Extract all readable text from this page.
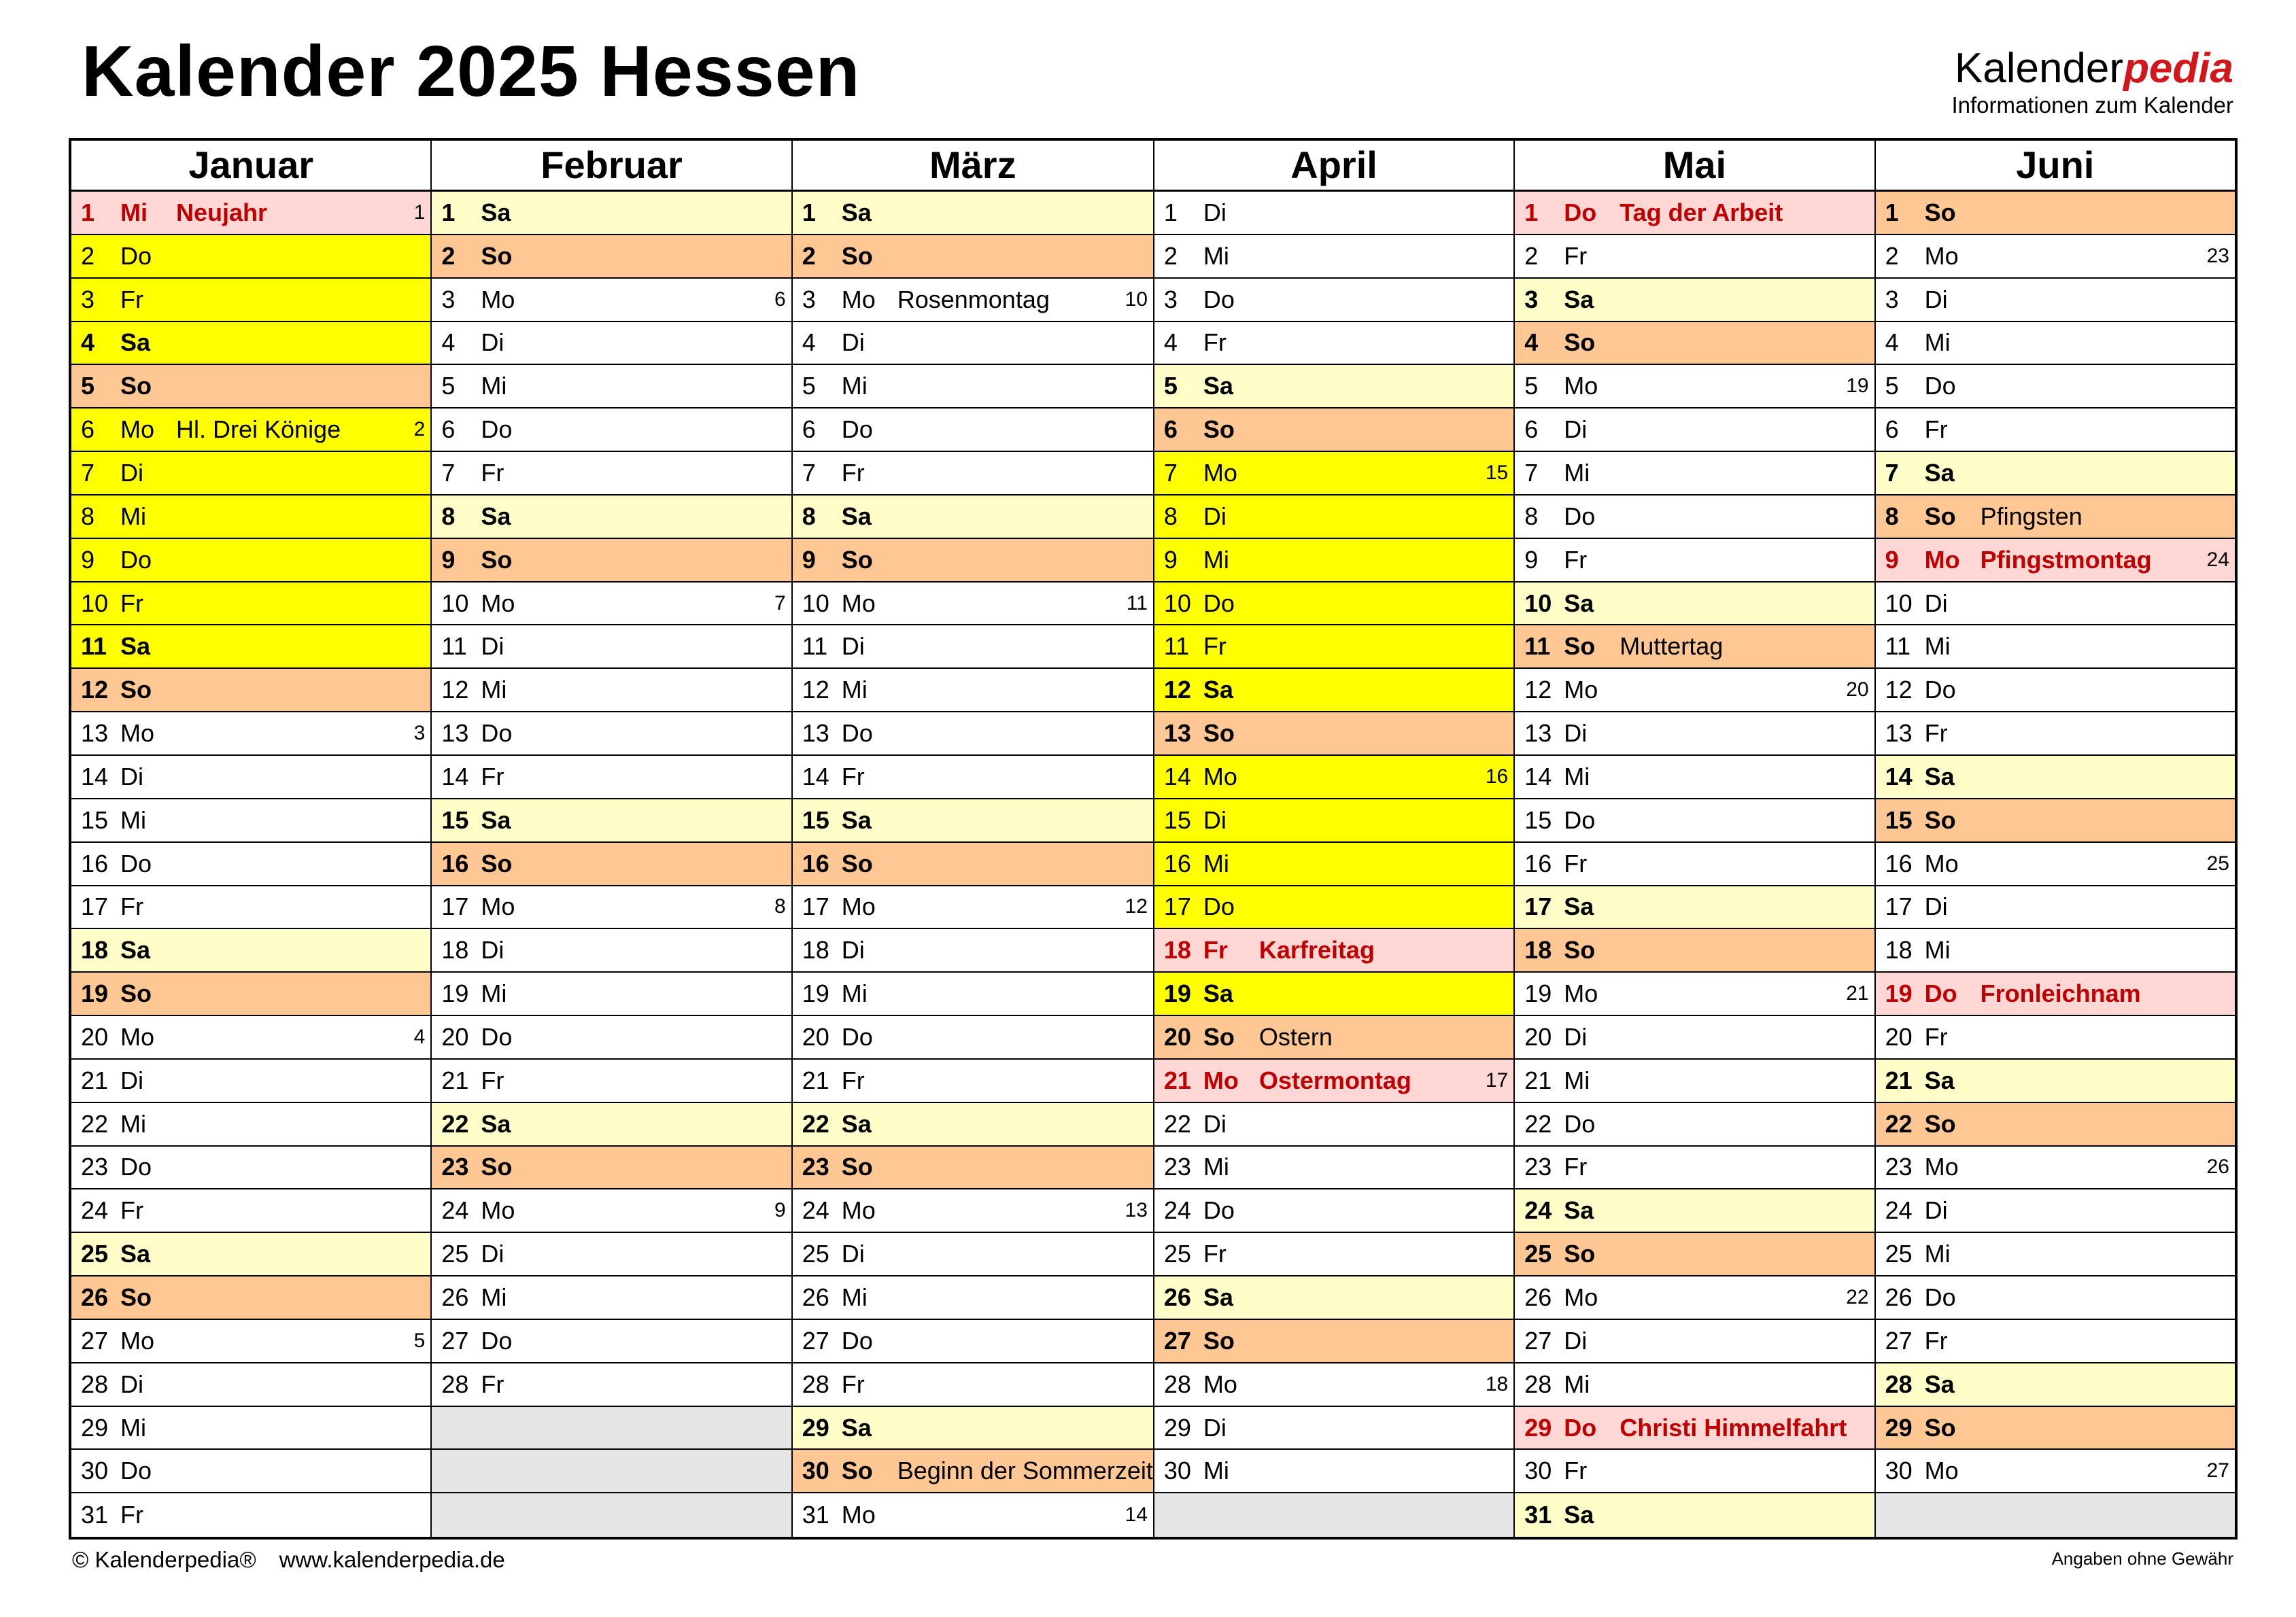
Kalender 2025 Hessen	Kalenderpedia
Informationen zum Kalender
Januar
1	Mi	Neujahr	1
2	Do
3	Fr
4	Sa
5	So
6	Mo Hl. Drei Könige	2
7	Di
8	Mi
9	Do
10 Fr
11 Sa
12 So
13 Mo	3
14 Di
15 Mi
16 Do
17 Fr
18 Sa
19 So
20 Mo	4
21 Di
22 Mi
23 Do
24 Fr
25 Sa
26 So
27 Mo	5
28 Di
29 Mi
30 Do
31 Fr
Februar
1	Sa
2	So
3	Mo	6
4	Di
5	Mi
6	Do
7	Fr
8	Sa
9	So
10 Mo	7
11 Di
12 Mi
13 Do
14 Fr
15 Sa
16 So
17 Mo	8
18 Di
19 Mi
20 Do
21 Fr
22 Sa
23 So
24 Mo	9
25 Di
26 Mi
27 Do
28 Fr
März
1	Sa
2	So
3	Mo Rosenmontag	10
4	Di
5	Mi
6	Do
7	Fr
8	Sa
9	So
10 Mo	11
11 Di
12 Mi
13 Do
14 Fr
15 Sa
16 So
17 Mo	12
18 Di
19 Mi
20 Do
21 Fr
22 Sa
23 So
24 Mo	13
25 Di
26 Mi
27 Do
28 Fr
29 Sa
30 So Beginn der Sommerzeit
31 Mo	14
April
1	Di
2	Mi
3	Do
4	Fr
5	Sa
6	So
7	Mo	15
8	Di
9	Mi
10 Do
11 Fr
12 Sa
13 So
14 Mo	16
15 Di
16 Mi
17 Do
18 Fr	Karfreitag
19 Sa
20 So Ostern
21 Mo Ostermontag	17
22 Di
23 Mi
24 Do
25 Fr
26 Sa
27 So
28 Mo	18
29 Di
30 Mi
Mai
1	Do Tag der Arbeit
2	Fr
3	Sa
4	So
5	Mo	19
6	Di
7	Mi
8	Do
9	Fr
10 Sa
11 So Muttertag
12 Mo	20
13 Di
14 Mi
15 Do
16 Fr
17 Sa
18 So
19 Mo	21
20 Di
21 Mi
22 Do
23 Fr
24 Sa
25 So
26 Mo	22
27 Di
28 Mi
29 Do Christi Himmelfahrt
30 Fr
31 Sa
Juni
1	So
2	Mo	23
3	Di
4	Mi
5	Do
6	Fr
7	Sa
8	So Pfingsten
9	Mo Pfingstmontag	24
10 Di
11 Mi
12 Do
13 Fr
14 Sa
15 So
16 Mo	25
17 Di
18 Mi
19 Do Fronleichnam
20 Fr
21 Sa
22 So
23 Mo	26
24 Di
25 Mi
26 Do
27 Fr
28 Sa
29 So
30 Mo	27
© Kalenderpedia® www.kalenderpedia.de	Angaben ohne Gewähr
